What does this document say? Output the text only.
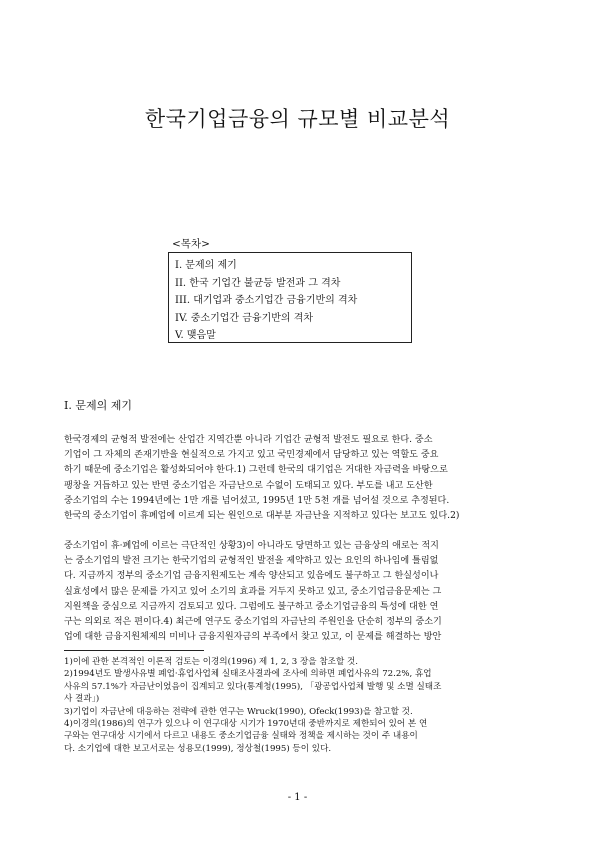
한국기업금융의 규모별 비교분석
<목차>
I. 문제의 제기
II. 한국 기업간 불균등 발전과 그 격차
III. 대기업과 중소기업간 금융기반의 격차
IV. 중소기업간 금융기반의 격차
V. 맺음말
I. 문제의 제기
한국경제의 균형적 발전에는 산업간 지역간뿐 아니라 기업간 균형적 발전도 필요로 한다. 중소
기업이 그 자체의 존재기반을 현실적으로 가지고 있고 국민경제에서 담당하고 있는 역할도 중요
하기 때문에 중소기업은 활성화되어야 한다.1) 그런데 한국의 대기업은 거대한 자금력을 바탕으로
팽창을 거듭하고 있는 반면 중소기업은 자금난으로 수없이 도태되고 있다. 부도를 내고 도산한
중소기업의 수는 1994년에는 1만 개를 넘어섰고, 1995년 1만 5천 개를 넘어설 것으로 추정된다.
한국의 중소기업이 휴폐업에 이르게 되는 원인으로 대부분 자금난을 지적하고 있다는 보고도 있다.2)
중소기업이 휴·폐업에 이르는 극단적인 상황3)이 아니라도 당면하고 있는 금융상의 애로는 적지
는 중소기업의 발전 크기는 한국기업의 균형적인 발전을 제약하고 있는 요인의 하나임에 틀림없
다. 지금까지 정부의 중소기업 금융지원제도는 계속 양산되고 있음에도 불구하고 그 한실성이나
실효성에서 많은 문제를 가지고 있어 소기의 효과를 거두지 못하고 있고, 중소기업금융문제는 그
지원책을 중심으로 지금까지 검토되고 있다. 그럼에도 불구하고 중소기업금융의 특성에 대한 연
구는 의외로 적은 편이다.4) 최근에 연구도 중소기업의 자금난의 주원인을 단순히 정부의 중소기
업에 대한 금융지원체제의 미비나 금융지원자금의 부족에서 찾고 있고, 이 문제를 해결하는 방안
1)이에 관한 본격적인 이론적 검토는 이경의(1996) 제 1, 2, 3 장을 참조할 것.
2)1994년도 발생사유별 폐업·휴업사업체 실태조사결과에 조사에 의하면 폐업사유의 72.2%, 휴업
사유의 57.1%가 자금난이었음이 집계되고 있다(통계청(1995), 「광공업사업체 발행 및 소멸 실태조
사 결과」)
3)기업이 자금난에 대응하는 전략에 관한 연구는 Wruck(1990), Ofeck(1993)을 참고할 것.
4)이경의(1986)의 연구가 있으나 이 연구대상 시기가 1970년대 중반까지로 제한되어 있어 본 연
구와는 연구대상 시기에서 다르고 내용도 중소기업금융 실태와 정책을 제시하는 것이 주 내용이
다. 소기업에 대한 보고서로는 성용모(1999), 정상철(1995) 등이 있다.
- 1 -
